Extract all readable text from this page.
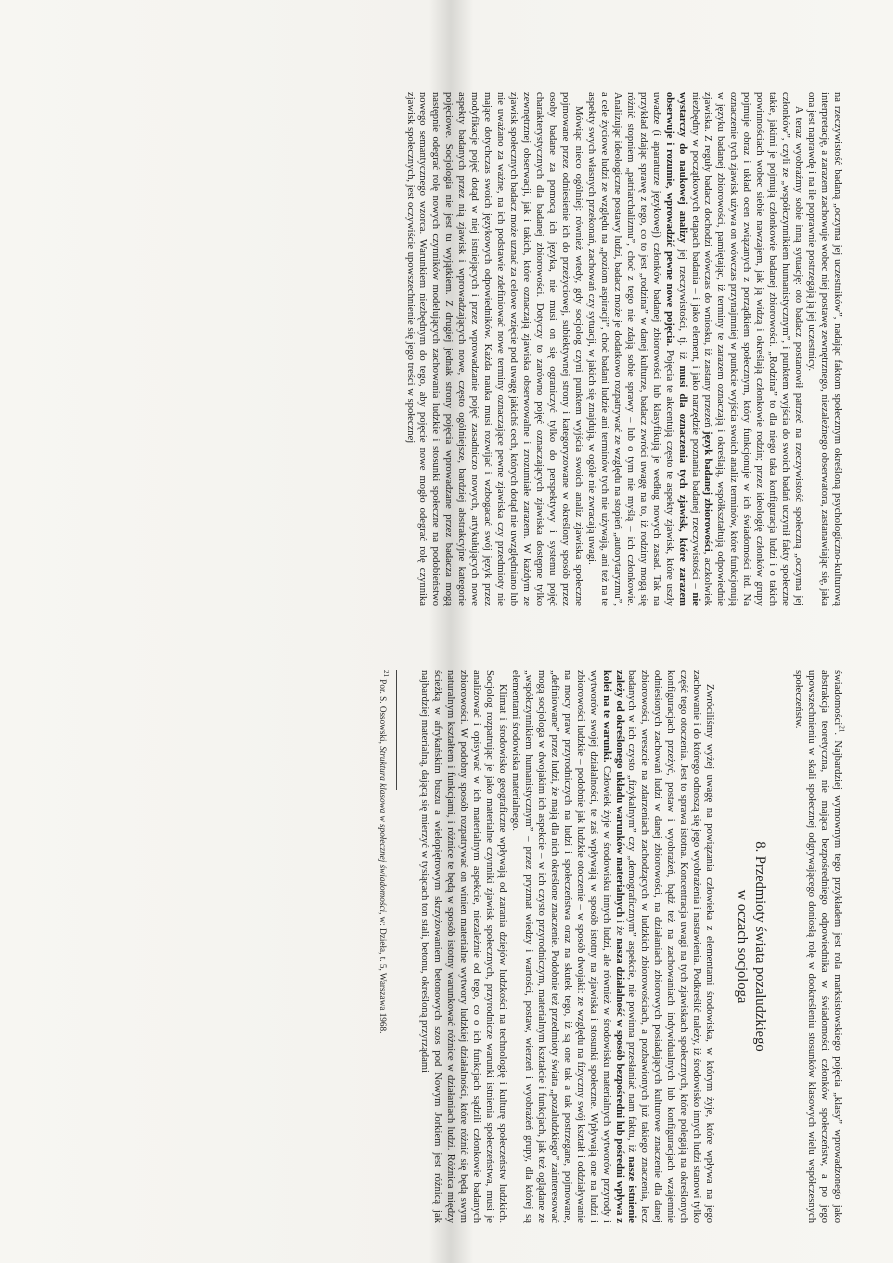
na rzeczywistość badaną „oczyma jej uczestników”, nadając faktom społecznym określoną psychologiczno-kulturową interpretację, a zarazem zachowuje wobec niej postawę zewnętrznego, niezależnego obserwatora, zastanawiając się, jaka ona jest naprawdę i na ile poprawnie postrzegają ją jej uczestnicy.

A teraz wyobraźmy sobie inną sytuację: oto badacz postanowił patrzeć na rzeczywistość społeczną „oczyma jej członków”, czyli ze „współczynnikiem humanistycznym”, i punktem wyjścia do swoich badań uczynił fakty społeczne takie, jakimi je pojmują członkowie badanej zbiorowości. „Rodzina” to dla niego taka konfiguracja ludzi i o takich powinnościach wobec siebie nawzajem, jak ją widzą i określają członkowie rodzin; przez ideologię członków grupy pojmuje obraz i układ ocen związanych z porządkiem społecznym, który funkcjonuje w ich świadomości itd. Na oznaczenie tych zjawisk używa on wówczas przynajmniej w punkcie wyjścia swoich analiz terminów, które funkcjonują w języku badanej zbiorowości, pamiętając, iż terminy te zarazem oznaczają i określają, współkształtują odpowiednie zjawiska. Z reguły badacz dochodzi wówczas do wniosku, iż zastany przezeń język badanej zbiorowości, aczkolwiek niezbędny w początkowych etapach badania – i jako element, i jako narzędzie poznania badanej rzeczywistości – nie wystarczy do naukowej analizy jej rzeczywistości, tj. iż musi dla oznaczenia tych zjawisk, które zarazem obserwuje i rozumie, wprowadzić pewne nowe pojęcia. Pojęcia te akcentują często te aspekty zjawisk, które uszły uwadze (i aparaturze językowej) członków badanej zbiorowości lub klasyfikują je według nowych zasad. Tak na przykład zdając sprawę z tego, co to jest „rodzina” w danej kulturze, badacz zwróci uwagę na to, iż rodziny mogą się różnić stopniem „patriarchalizmu”, choć z tego nie zdają sobie sprawy – lub o tym nie myślą – ich członkowie. Analizując ideologiczne postawy ludzi, badacz może je dodatkowo rozpatrywać ze względu na stopień „autorytaryzmu”, a cele życiowe ludzi ze względu na „poziom aspiracji”, choć badani ludzie ani terminów tych nie używają, ani też na te aspekty swych własnych przekonań, zachowań czy sytuacji, w jakich się znajdują, w ogóle nie zwracają uwagi.

Mówiąc nieco ogólniej: również wtedy, gdy socjolog czyni punktem wyjścia swoich analiz zjawiska społeczne pojmowane przez odniesienie ich do przeżyciowej, subiektywnej strony i kategoryzowane w określony sposób przez osoby badane za pomocą ich języka, nie musi on się ograniczyć tylko do perspektywy i systemu pojęć charakterystycznych dla badanej zbiorowości. Dotyczy to zarówno pojęć oznaczających zjawiska dostępne tylko zewnętrznej obserwacji, jak i takich, które oznaczają zjawiska obserwowalne i zrozumiałe zarazem. W każdym ze zjawisk społecznych badacz może uznać za celowe wzięcie pod uwagę jakichś cech, których dotąd nie uwzględniano lub nie uważano za ważne, na ich podstawie zdefiniować nowe terminy oznaczające pewne zjawiska czy przedmioty nie mające dotychczas swoich językowych odpowiedników. Każda nauka musi rozwijać i wzbogacać swój język przez modyfikacje pojęć dotąd w niej istniejących i przez wprowadzanie pojęć zasadniczo nowych, artykułujących nowe aspekty badanych przez nią zjawisk i wprowadzających nowe, często ogólniejsze, bardziej abstrakcyjne kategorie pojęciowe. Socjologia nie jest tu wyjątkiem. Z drugiej jednak strony pojęcia wprowadzane przez badacza mogą następnie odegrać rolę nowych czynników modelujących zachowania ludzkie i stosunki społeczne na podobieństwo nowego semantycznego wzorca. Warunkiem niezbędnym do tego, aby pojęcie nowe mogło odegrać rolę czynnika zjawisk społecznych, jest oczywiście upowszechnienie się jego treści w społecznej

świadomości$^{21}$. Najbardziej wymownym tego przykładem jest rola marksistowskiego pojęcia „klasy” wprowadzonego jako abstrakcja teoretyczna, nie mająca bezpośredniego odpowiednika w świadomości członków społeczeństw, a po jego upowszechnieniu w skali społecznej odgrywającego doniosłą rolę w dookreśleniu stosunków klasowych wielu współczesnych społeczeństw.

8. Przedmioty świata pozaludzkiego
w oczach socjologa

Zwróciliśmy wyżej uwagę na powiązania człowieka z elementami środowiska, w którym żyje, które wpływa na jego zachowanie i do którego odnoszą się jego wyobrażenia i nastawienia. Podkreślić należy, iż środowisko innych ludzi stanowi tylko część tego otoczenia. Jest to sprawa istotna. Koncentracja uwagi na tych zjawiskach społecznych, które polegają na określonych konfiguracjach przeżyć, postaw i wyobrażeń, bądź też na zachowaniach indywidualnych lub konfiguracjach wzajemnie odniesionych zachowań ludzi w danej zbiorowości, na działaniach zbiorowych posiadających kulturowe znaczenie dla danej zbiorowości, wreszcie na zdarzeniach zachodzących w ludzkich zbiorowościach, a pozbawionych już takiego znaczenia, lecz badanych w ich czysto „fizykalnym” czy „demograficznym” aspekcie, nie powinna przesłaniać nam faktu, iż nasze istnienie zależy od określonego układu warunków materialnych i że nasza działalność w sposób bezpośredni lub pośredni wpływa z kolei na te warunki. Człowiek żyje w środowisku innych ludzi, ale również w środowisku materialnych wytworów przyrody i wytworów swojej działalności, te zaś wpływają w sposób istotny na zjawiska i stosunki społeczne. Wpływają one na ludzi i zbiorowości ludzkie – podobnie jak ludzkie otoczenie – w sposób dwojaki: ze względu na fizyczny swój kształt i oddziaływanie na mocy praw przyrodniczych na ludzi i społeczeństwa oraz na skutek tego, iż są one tak a tak postrzegane, pojmowane, „definiowane” przez ludzi, że mają dla nich określone znaczenie. Podobnie też przedmioty świata „pozaludzkiego” zainteresować mogą socjologa w dwojakim ich aspekcie – w ich czysto przyrodniczym, materialnym kształcie i funkcjach, jak też oglądane ze „współczynnikiem humanistycznym” – przez pryzmat wiedzy i wartości, postaw, wierzeń i wyobrażeń grupy, dla której są elementami środowiska materialnego.

Klimat i środowisko geograficzne wpływają od zarania dziejów ludzkości na technologię i kulturę społeczeństw ludzkich. Socjolog rozpatrując je jako materialne czynniki zjawisk społecznych, przyrodnicze warunki istnienia społeczeństwa, musi je analizować i opisywać w ich materialnym aspekcie, niezależnie od tego, co o ich funkcjach sądzili członkowie badanych zbiorowości. W podobny sposób rozpatrywać on winien materialne wytwory ludzkiej działalności, które różnić się będą swym naturalnym kształtem i funkcjami, i różnice te będą w sposób istotny warunkować różnice w działaniach ludzi. Różnica między ścieżką w afrykańskim buszu a wielopiętrowym skrzyżowaniem betonowych szos pod Nowym Jorkiem jest różnicą jak najbardziej materialną, dającą się mierzyć w tysiącach ton stali, betonu, określoną przyrządami

$^{21}$ Por. S. Ossowski, Struktura klasowa w społecznej świadomości, w: Dzieła, t. 5, Warszawa 1968.
